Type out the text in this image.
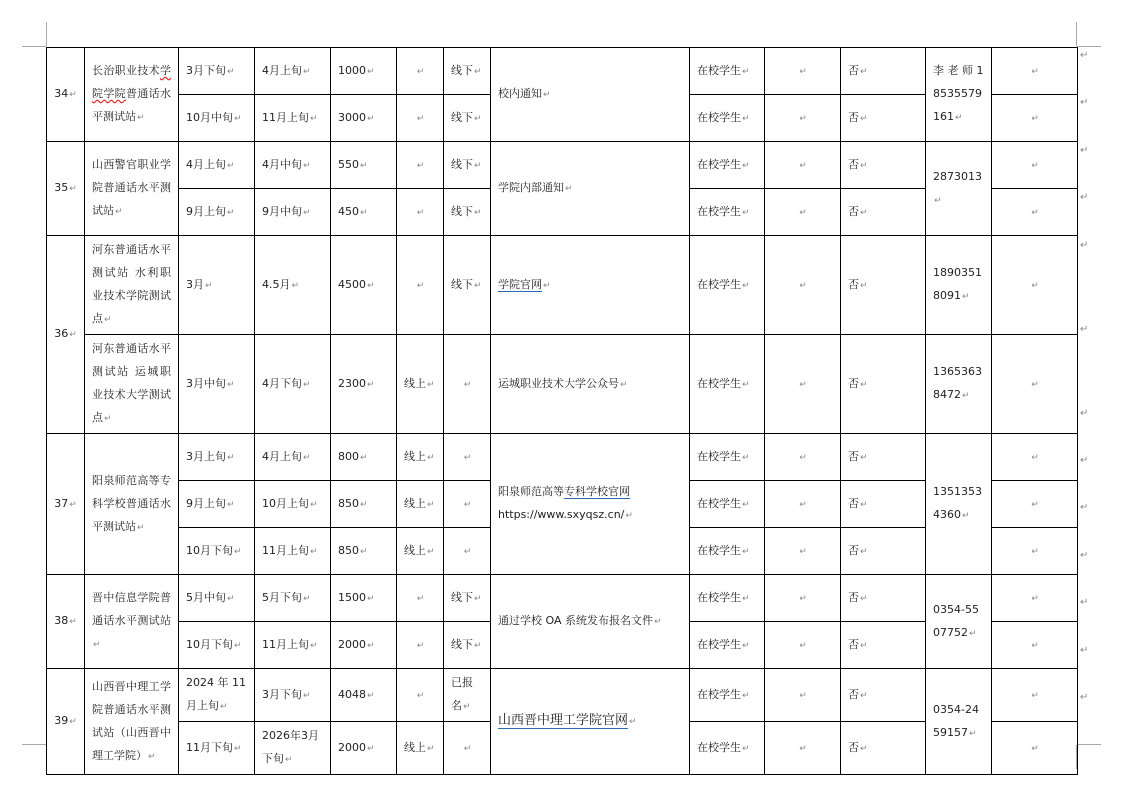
34↵	长治职业技术学院学院普通话水平测试站↵	3月下旬↵	4月上旬↵	1000↵	↵	线下↵	校内通知↵	在校学生↵	↵	否↵	李 老 师 18535579161↵	↵
		10月中旬↵	11月上旬↵	3000↵	↵	线下↵		在校学生↵	↵	否↵		↵
35↵	山西警官职业学院普通话水平测试站↵	4月上旬↵	4月中旬↵	550↵	↵	线下↵	学院内部通知↵	在校学生↵	↵	否↵	2873013↵	↵
		9月上旬↵	9月中旬↵	450↵	↵	线下↵		在校学生↵	↵	否↵		↵
36↵	河东普通话水平测试站 水利职业技术学院测试点↵	3月↵	4.5月↵	4500↵	↵	线下↵	学院官网↵	在校学生↵	↵	否↵	18903518091↵	↵
	河东普通话水平测试站 运城职业技术大学测试点↵	3月中旬↵	4月下旬↵	2300↵	线上↵	↵	运城职业技术大学公众号↵	在校学生↵	↵	否↵	13653638472↵	↵
37↵	阳泉师范高等专科学校普通话水平测试站↵	3月上旬↵	4月上旬↵	800↵	线上↵	↵	阳泉师范高等专科学校官网
https://www.sxyqsz.cn/↵	在校学生↵	↵	否↵	13513534360↵	↵
		9月上旬↵	10月上旬↵	850↵	线上↵	↵		在校学生↵	↵	否↵		↵
		10月下旬↵	11月上旬↵	850↵	线上↵	↵		在校学生↵	↵	否↵		↵
38↵	晋中信息学院普通话水平测试站↵	5月中旬↵	5月下旬↵	1500↵	↵	线下↵	通过学校 OA 系统发布报名文件↵	在校学生↵	↵	否↵	0354-5507752↵	↵
		10月下旬↵	11月上旬↵	2000↵	↵	线下↵		在校学生↵	↵	否↵		↵
39↵	山西晋中理工学院普通话水平测试站（山西晋中理工学院）↵	2024 年 11 月上旬↵	3月下旬↵	4048↵	↵	已报名↵	山西晋中理工学院官网↵	在校学生↵	↵	否↵	0354-2459157↵	↵
		11月下旬↵	2026年3月下旬↵	2000↵	线上↵	↵		在校学生↵	↵	否↵		↵
↵
↵
↵
↵
↵
↵
↵
↵
↵
↵
↵
↵
↵
